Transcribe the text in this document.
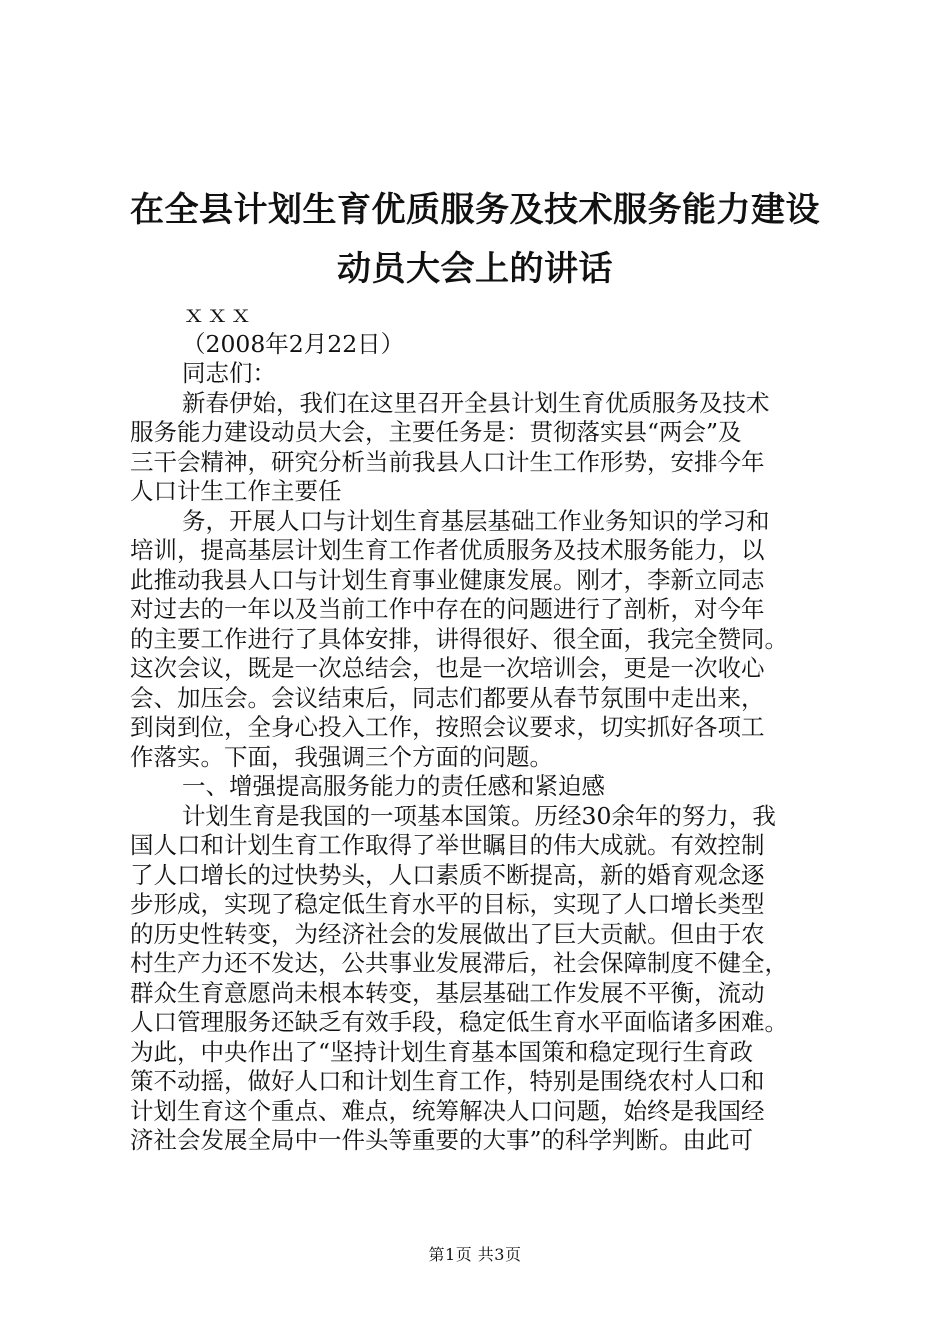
在全县计划生育优质服务及技术服务能力建设
动员大会上的讲话
ｘｘｘ
（2008年2月22日）
同志们：
新春伊始，我们在这里召开全县计划生育优质服务及技术
服务能力建设动员大会，主要任务是：贯彻落实县“两会”及
三干会精神，研究分析当前我县人口计生工作形势，安排今年
人口计生工作主要任
务，开展人口与计划生育基层基础工作业务知识的学习和
培训，提高基层计划生育工作者优质服务及技术服务能力，以
此推动我县人口与计划生育事业健康发展。刚才，李新立同志
对过去的一年以及当前工作中存在的问题进行了剖析，对今年
的主要工作进行了具体安排，讲得很好、很全面，我完全赞同。
这次会议，既是一次总结会，也是一次培训会，更是一次收心
会、加压会。会议结束后，同志们都要从春节氛围中走出来，
到岗到位，全身心投入工作，按照会议要求，切实抓好各项工
作落实。下面，我强调三个方面的问题。
一、增强提高服务能力的责任感和紧迫感
计划生育是我国的一项基本国策。历经30余年的努力，我
国人口和计划生育工作取得了举世瞩目的伟大成就。有效控制
了人口增长的过快势头，人口素质不断提高，新的婚育观念逐
步形成，实现了稳定低生育水平的目标，实现了人口增长类型
的历史性转变，为经济社会的发展做出了巨大贡献。但由于农
村生产力还不发达，公共事业发展滞后，社会保障制度不健全，
群众生育意愿尚未根本转变，基层基础工作发展不平衡，流动
人口管理服务还缺乏有效手段，稳定低生育水平面临诸多困难。
为此，中央作出了“坚持计划生育基本国策和稳定现行生育政
策不动摇，做好人口和计划生育工作，特别是围绕农村人口和
计划生育这个重点、难点，统筹解决人口问题，始终是我国经
济社会发展全局中一件头等重要的大事”的科学判断。由此可
第1页 共3页
